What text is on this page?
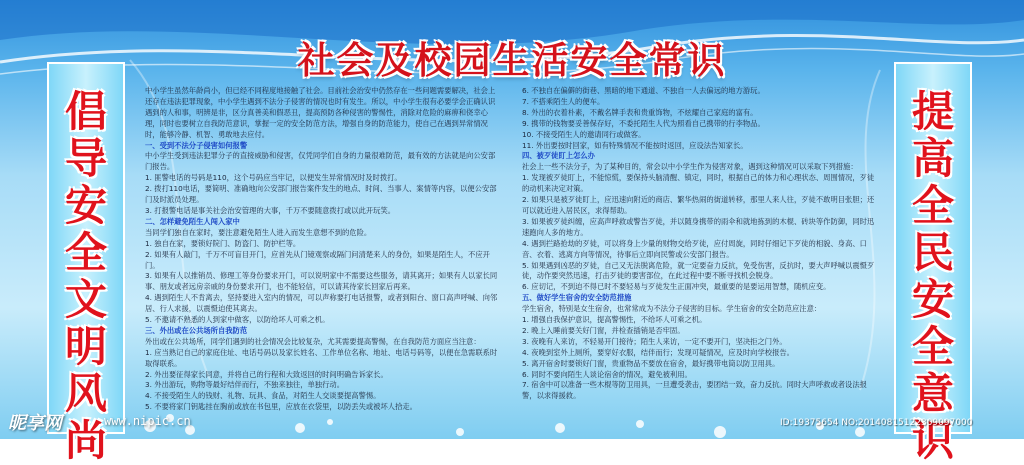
社会及校园生活安全常识
倡导安全文明风尚
提高全民安全意识

中小学生虽然年龄尚小，但已经不同程度地接触了社会。目前社会治安中仍然存在一些问题需要解决，社会上还存在违法犯罪现象，中小学生遇到不法分子侵害的情况也时有发生。所以，中小学生很有必要学会正确认识遇到的人和事，明辨是非，区分真善美和假恶丑，提高预防各种侵害的警惕性，消除对危险的麻痹和侥幸心理，同时也要树立自我防范意识，掌握一定的安全防范方法，增强自身的防范能力，使自己在遇到异常情况时，能够冷静、机智、勇敢地去应付。

一、受到不法分子侵害如何报警

中小学生受到违法犯罪分子的直接威胁和侵害，仅凭同学们自身的力量很难防范，最有效的方法就是向公安部门报告。

1. 匪警电话的号码是110，这个号码应当牢记，以便发生异常情况时及时拨打。

2. 拨打110电话，要简明、准确地向公安部门报告案件发生的地点、时间、当事人、案情等内容，以便公安部门及时派员处理。

3. 打报警电话是事关社会治安管理的大事，千万不要随意拨打或以此开玩笑。

二、怎样避免陌生人闯入家中

当同学们独自在家时，要注意避免陌生人进入而发生意想不到的危险。

1. 独自在家，要锁好院门、防盗门、防护栏等。

2. 如果有人敲门，千万不可盲目开门，应首先从门镜观察或隔门问清楚来人的身份，如果是陌生人，不应开门。

3. 如果有人以推销员、修理工等身份要求开门，可以说明家中不需要这些服务，请其离开；如果有人以家长同事、朋友或者远房亲戚的身份要求开门，也不能轻信，可以请其待家长回家后再来。

4. 遇到陌生人不肯离去，坚持要进入室内的情况，可以声称要打电话报警，或者到阳台、窗口高声呼喊、向邻居、行人求援，以震慑迫使其离去。

5. 不邀请不熟悉的人到家中做客，以防给坏人可乘之机。

三、外出或在公共场所自我防范

外出或在公共场所，同学们遇到的社会情况会比较复杂，尤其需要提高警惕，在自我防范方面应当注意：

1. 应当熟记自己的家庭住址、电话号码以及家长姓名、工作单位名称、地址、电话号码等，以便在急需联系时取得联系。

2. 外出要征得家长同意，并将自己的行程和大致返回的时间明确告诉家长。

3. 外出游玩，购物等最好结伴而行，不独来独往，单独行动。

4. 不接受陌生人的钱财、礼物、玩具、食品，对陌生人交谈要提高警惕。

5. 不要将家门钥匙挂在胸前或放在书包里，应放在衣袋里，以防丢失或被坏人拾走。

6. 不独自在偏僻的街巷、黑暗的地下通道、不独自一人去偏远的地方游玩。

7. 不搭乘陌生人的便车。

8. 外出的衣着朴素，不戴名牌手表和贵重饰物，不炫耀自己家庭的富有。

9. 携带的钱物要妥善保存好，不委托陌生人代为照看自己携带的行李物品。

10. 不接受陌生人的邀请同行或做客。

11. 外出要按时回家，如有特殊情况不能按时返回，应设法告知家长。

四、被歹徒盯上怎么办

社会上一些不法分子，为了某种目的，常会以中小学生作为侵害对象，遇到这种情况可以采取下列措施：

1. 发现被歹徒盯上，不能惊慌，要保持头脑清醒、镇定，同时，根据自己的体力和心理状态、周围情况，歹徒的动机来决定对策。

2. 如果只是被歹徒盯上，应迅速向附近的商店、繁华热闹的街道转移，那里人来人往，歹徒不敢明目张胆；还可以就近进入居民区，求得帮助。

3. 如果被歹徒纠缠，应高声呼救或警告歹徒，并以随身携带的雨伞和就地拣到的木棍、砖块等作防御，同时迅速跑向人多的地方。

4. 遇到拦路抢劫的歹徒，可以将身上少量的财物交给歹徒，应付周旋，同时仔细记下歹徒的相貌、身高、口音、衣着、逃离方向等情况，待事后立即向民警或公安部门报告。

5. 如果遇到凶恶的歹徒，自己又无法脱离危险，就一定要奋力反抗，免受伤害，反抗时，要大声呼喊以震慑歹徒，动作要突然迅速，打击歹徒的要害部位，在此过程中要不断寻找机会脱身。

6. 应切记，不到迫不得已时不要轻易与歹徒发生正面冲突，最重要的是要运用智慧，随机应变。

五、做好学生宿舍的安全防范措施

学生宿舍，特别是女生宿舍，也常常成为不法分子侵害的目标。学生宿舍的安全防范应注意：

1. 增强自我保护意识，提高警惕性，不给坏人可乘之机。

2. 晚上入睡前要关好门窗，并检查插销是否牢固。

3. 夜晚有人来访，不轻易开门接待；陌生人来访，一定不要开门，坚决拒之门外。

4. 夜晚到室外上厕所，要穿好衣服，结伴而行；发现可疑情况，应及时向学校报告。

5. 离开宿舍时要锁好门窗，贵重物品不要放在宿舍，最好携带电筒以防卫用具。

6. 同时不要向陌生人谈论宿舍的情况，避免被利用。

7. 宿舍中可以准备一些木棍等防卫用具，一旦遭受袭击，要团结一致，奋力反抗。同时大声呼救或者设法报警，以求得援救。

昵享网	www.nipic.cn	ID:19375654 NO:20140815122309097000
